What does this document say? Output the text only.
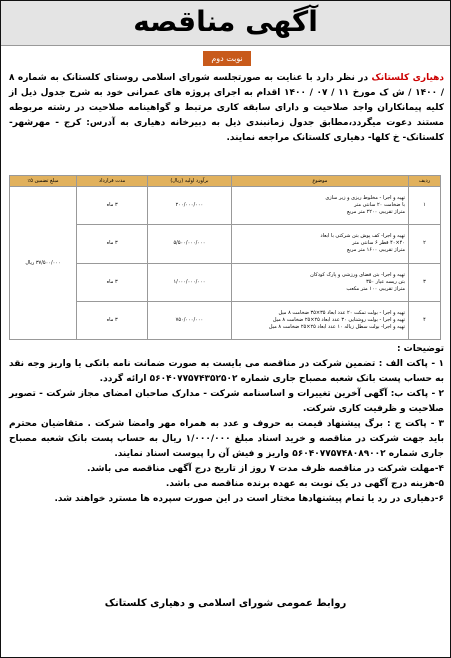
آگهی مناقصه
نوبت دوم
دهیاری کلستانک در نظر دارد با عنایت به صورتجلسه شورای اسلامی روستای کلستانک به شماره ۸ / ۱۴۰۰ / ش ک مورخ ۱۱ / ۰۷ / ۱۴۰۰ اقدام به اجرای پروژه های عمرانی خود به شرح جدول ذیل از کلیه پیمانکاران واجد صلاحیت و دارای سابقه کاری مرتبط و گواهینامه صلاحیت در رشته مربوطه مستند دعوت میگردد،مطابق جدول زمانبندی ذیل به دبیرخانه دهیاری به آدرس: کرج - مهرشهر- کلستانک- خ کلها- دهیاری کلستانک مراجعه نمایند.
ردیف	موضوع	برآورد اولیه (ریال)	مدت قرارداد	مبلغ تضمین ۵٪
۱	تهیه و اجرا - مخلوط ریزی و زیر سازی
با ضخامت ۲۰ سانتی متر
متراژ تقریبی ۲۲۰۰ متر مربع	۲۰۰/۰۰۰/۰۰۰	۳ ماه	۳۷/۵۰۰/۰۰۰ ریال
۲	تهیه و اجرا- کف پوش بتن شرکتی با ابعاد
۴۰×۴۰ قطر ۶ سانتی متر
متراژ تقریبی ۱۶۰۰ متر مربع	۵/۵۰۰/۰۰۰/۰۰۰	۳ ماه	
۳	تهیه و اجرا- بتن فضای ورزشی و پارک کودکان
بتن ریسه عیار ۳۵۰
متراژ تقریبی ۱۰۰ متر مکعب	۱/۰۰۰/۰۰۰/۰۰۰	۳ ماه	
۴	تهیه و اجرا - بولت تمکت ۲۰ عدد ابعاد ۳۵×۳۵ ضخامت ۸ میل
تهیه و اجرا - بولت روشنایی ۳۰ عدد ابعاد ۲۵×۲۵ ضخامت ۸ میل
تهیه و اجرا- بولت سطل زباله ۱۰ عدد ابعاد ۲۵×۲۵ ضخامت ۸ میل	۷۵۰/۰۰۰/۰۰۰	۳ ماه	

توضیحات :

۱ - پاکت الف : تضمین شرکت در مناقصه می بایست به صورت ضمانت نامه بانکی یا واریز وجه نقد به حساب پست بانک شعبه مصباح جاری شماره ۵۶۰۴۰۷۷۵۷۴۳۵۲۵۰۲ ارائه گردد.

۲ - پاکت ب: آگهی آخرین تغییرات و اساسنامه شرکت - مدارک صاحبان امضای مجاز شرکت - تصویر صلاحیت و ظرفیت کاری شرکت.

۳ - پاکت ج : برگ پیشنهاد قیمت به حروف و عدد به همراه مهر وامضا شرکت . متقاضیان محترم باید جهت شرکت در مناقصه و خرید اسناد مبلغ ۱/۰۰۰/۰۰۰ ریال به حساب پست بانک شعبه مصباح جاری شماره ۵۶۰۴۰۷۷۵۷۴۸۰۸۹۰۰۲ واریز و فیش آن را پیوست اسناد نمایند.

۴-مهلت شرکت در مناقصه ظرف مدت ۷ روز از تاریخ درج آگهی مناقصه می باشد.

۵-هزینه درج آگهی در یک نوبت به عهده برنده مناقصه می باشد.

۶-دهیاری در رد یا تمام پیشنهادها مختار است در این صورت سپرده ها مسترد خواهند شد.

روابط عمومی شورای اسلامی و دهیاری کلستانک
